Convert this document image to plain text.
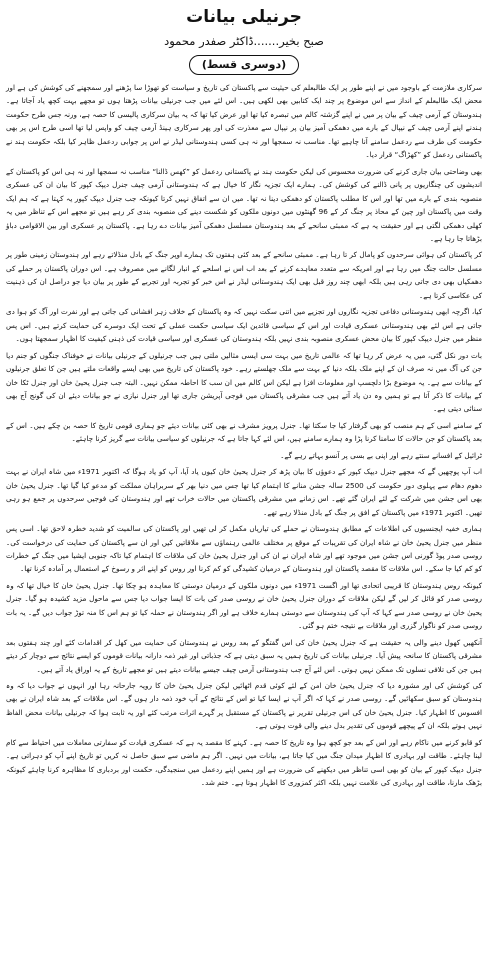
جرنیلی بیانات
صبح بخیر.......ڈاکٹر صفدر محمود
(دوسری قسط)

سرکاری ملازمت کے باوجود میں نے اپنے طور پر ایک طالبعلم کی حیثیت سے پاکستان کی تاریخ و سیاست کو تھوڑا سا پڑھنے اور سمجھنے کی کوشش کی ہے اور محض ایک طالبعلم کے انداز سے اس موضوع پر چند ایک کتابیں بھی لکھی ہیں۔ اس لئے میں جب جرنیلی بیانات پڑھتا ہوں تو مجھے بہت کچھ یاد آجاتا ہے۔ ہندوستان کے آرمی چیف کے بیان پر میں نے اپنے گزشتہ کالم میں تبصرہ کیا تھا اور عرض کیا تھا کہ یہ بیان سرکاری پالیسی کا حصہ ہے، ورنہ جس طرح حکومت ہندنے اپنے آرمی چیف کے نیپال کے بارے میں دھمکی آمیز بیان پر نیپال سے معذرت کی اور پھر سرکاری ہینڈ آرمی چیف کو واپس لیا تھا اسی طرح اس پر بھی حکومت کی طرف سے ردعمل سامنے آنا چاہیے تھا۔ مناسب نہ سمجھا اور نہ ہی کسی ہندوستانی لیڈر نے اس پر جوابی ردعمل ظاہر کیا بلکہ حکومت ہند نے پاکستانی ردعمل کو ”کھڑاگ“ قرار دیا۔

بھی وضاحتی بیان جاری کرنے کی ضرورت محسوس کی لیکن حکومت ہند نے پاکستانی ردعمل کو ”کھس ڈالنا“ مناسب نہ سمجھا اور نہ ہی اس کو پاکستان کے اندیشوں کی چنگاریوں پر پانی ڈالنے کی کوشش کی۔ ہمارے ایک تجزیہ نگار کا خیال ہے کہ ہندوستانی آرمی چیف جنرل دیپک کپور کا بیان ان کی عسکری منصوبہ بندی کے بارے میں تھا اور اس کا مطلب پاکستان کو دھمکی دینا نہ تھا۔ میں ان سے اتفاق نہیں کرتا کیونکہ جب جنرل دیپک کپور یہ کہتا ہے کہ ہم ایک وقت میں پاکستان اور چین کے محاذ پر جنگ کر کے 96 گھنٹوں میں دونوں ملکوں کو شکست دینے کی منصوبہ بندی کر رہے ہیں تو مجھے اس کے تناظر میں یہ کھلی دھمکی لگتی ہے اور حقیقت یہ ہے کہ ممبئی سانحے کے بعد ہندوستان مسلسل دھمکی آمیز بیانات دے رہا ہے۔ پاکستان پر عسکری اور بین الاقوامی دباؤ بڑھاتا جا رہا ہے۔

کر پاکستان کی ہوائی سرحدوں کو پامال کر تا رہا ہے۔ ممبئی سانحے کے بعد کئی ہفتوں تک ہمارے اوپر جنگ کے بادل منڈلاتے رہے اور ہندوستان زمینی طور پر مسلسل حالت جنگ میں رہا ہے اور امریکہ سے متعدد معاہدے کرنے کے بعد اب اس نے اسلحے کے انبار لگانے میں مصروف ہے۔ اس دوران پاکستان پر حملے کی دھمکیاں بھی دی جاتی رہی ہیں بلکہ ابھی چند روز قبل بھی ایک ہندوستانی لیڈر نے اس خبر کو تجربہ اور تجربے کے طور پر بیان دیا جو دراصل ان کی ذہنیت کی عکاسی کرتا ہے۔

کیا، اگرچہ ابھی ہندوستانی دفاعی تجزیہ نگاروں اور تجزیے میں اتنی سکت نہیں کہ وہ پاکستان کے خلاف زہر افشانی کی جاتی ہے اور نفرت اور آگ کو ہوا دی جاتی ہے اس لئے بھی ہندوستانی عسکری قیادت اور اس کے سیاسی قائدین ایک سیاسی حکمت عملی کے تحت ایک دوسرے کی حمایت کرتے ہیں۔ اس پس منظر میں جنرل دیپک کپور کا بیان محض عسکری منصوبہ بندی نہیں بلکہ ہندوستان کی عسکری اور سیاسی قیادت کی ذہنی کیفیت کا اظہار سمجھتا ہوں۔

بات دور نکل گئی، میں یہ عرض کر رہا تھا کہ عالمی تاریخ میں بہت سی ایسی مثالیں ملتی ہیں جب جرنیلوں کے جرنیلی بیانات نے خوفناک جنگوں کو جنم دیا جن کی آگ میں نہ صرف ان کے اپنے ملک بلکہ دنیا کے بہت سے ملک جھلستے رہے۔ خود پاکستان کی تاریخ میں بھی ایسے واقعات ملتے ہیں جن کا تعلق جرنیلوں کے بیانات سے ہے۔ یہ موضوع بڑا دلچسپ اور معلومات افزا ہے لیکن اس کالم میں ان سب کا احاطہ ممکن نہیں۔ البتہ جب جنرل یحییٰ خان اور جنرل ٹکا خان کے بیانات کا ذکر آتا ہے تو ہمیں وہ دن یاد آتے ہیں جب مشرقی پاکستان میں فوجی آپریشن جاری تھا اور جنرل نیازی نے جو بیانات دیئے ان کی گونج آج بھی سنائی دیتی ہے۔

کے سامنے اسی کے ہم منصب کو بھی گرفتار کیا جا سکتا تھا۔ جنرل پرویز مشرف نے بھی کئی بیانات دیئے جو ہماری قومی تاریخ کا حصہ بن چکے ہیں۔ اس کے بعد پاکستان کو جن حالات کا سامنا کرنا پڑا وہ ہمارے سامنے ہیں، اس لئے کہا جاتا ہے کہ جرنیلوں کو سیاسی بیانات سے گریز کرنا چاہئے۔

ٹرائیل کے افسانے سنتے رہے اور اپنی بے بسی پر آنسو بہاتے رہے گے۔

اب آپ پوچھیں گے کہ مجھے جنرل دیپک کپور کے دعوؤں کا بیان پڑھ کر جنرل یحییٰ خان کیوں یاد آیا، آپ کو یاد ہوگا کہ اکتوبر 1971ء میں شاہ ایران نے بہت دھوم دھام سے پہلوی دور حکومت کی 2500 سالہ جشن منانے کا اہتمام کیا تھا جس میں دنیا بھر کے سربراہان مملکت کو مدعو کیا گیا تھا۔ جنرل یحییٰ خان بھی اس جشن میں شرکت کے لئے ایران گئے تھے۔ اس زمانے میں مشرقی پاکستان میں حالات خراب تھے اور ہندوستان کی فوجیں سرحدوں پر جمع ہو رہی تھیں۔ اکتوبر 1971ء میں پاکستان کے افق پر جنگ کے بادل منڈلا رہے تھے۔

ہماری خفیہ ایجنسیوں کی اطلاعات کے مطابق ہندوستان نے حملے کی تیاریاں مکمل کر لی تھیں اور پاکستان کی سالمیت کو شدید خطرہ لاحق تھا۔ اسی پس منظر میں جنرل یحییٰ خان نے شاہ ایران کی تقریبات کے موقع پر مختلف عالمی رہنماؤں سے ملاقاتیں کیں اور ان سے پاکستان کی حمایت کی درخواست کی۔ روسی صدر پوڈ گورنی اس جشن میں موجود تھے اور شاہ ایران نے ان کی اور جنرل یحییٰ خان کی ملاقات کا اہتمام کیا تاکہ جنوبی ایشیا میں جنگ کے خطرات کو کم کیا جا سکے۔ اس ملاقات کا مقصد پاکستان اور ہندوستان کے درمیان کشیدگی کو کم کرنا اور روس کو اپنے اثر و رسوخ کے استعمال پر آمادہ کرنا تھا۔

کیونکہ روس ہندوستان کا قریبی اتحادی تھا اور اگست 1971ء میں دونوں ملکوں کے درمیان دوستی کا معاہدہ ہو چکا تھا۔ جنرل یحییٰ خان کا خیال تھا کہ وہ روسی صدر کو قائل کر لیں گے لیکن ملاقات کے دوران جنرل یحییٰ خان نے روسی صدر کی بات کا ایسا جواب دیا جس سے ماحول مزید کشیدہ ہو گیا۔ جنرل یحییٰ خان نے روسی صدر سے کہا کہ آپ کی ہندوستان سے دوستی ہمارے خلاف ہے اور اگر ہندوستان نے حملہ کیا تو ہم اس کا منہ توڑ جواب دیں گے۔ یہ بات روسی صدر کو ناگوار گزری اور ملاقات بے نتیجہ ختم ہو گئی۔

آنکھیں کھول دینے والی یہ حقیقت ہے کہ جنرل یحییٰ خان کی اس گفتگو کے بعد روس نے ہندوستان کی حمایت میں کھل کر اقدامات کئے اور چند ہفتوں بعد مشرقی پاکستان کا سانحہ پیش آیا۔ جرنیلی بیانات کی تاریخ ہمیں یہ سبق دیتی ہے کہ جذباتی اور غیر ذمہ دارانہ بیانات قوموں کو ایسے نتائج سے دوچار کر دیتے ہیں جن کی تلافی نسلوں تک ممکن نہیں ہوتی۔ اس لئے آج جب ہندوستانی آرمی چیف جیسے بیانات دیتے ہیں تو مجھے تاریخ کے یہ اوراق یاد آتے ہیں۔

کی کوشش کی اور مشورہ دیا کہ جنرل یحییٰ خان امن کے لئے کوئی قدم اٹھائیں لیکن جنرل یحییٰ خان کا رویہ جارحانہ رہا اور انہوں نے جواب دیا کہ وہ ہندوستان کو سبق سکھائیں گے۔ روسی صدر نے کہا کہ اگر آپ نے ایسا کیا تو اس کے نتائج کے آپ خود ذمہ دار ہوں گے۔ اس ملاقات کے بعد شاہ ایران نے بھی افسوس کا اظہار کیا۔ جنرل یحییٰ خان کی اس جرنیلی تقریر نے پاکستان کے مستقبل پر گہرے اثرات مرتب کئے اور یہ ثابت ہوا کہ جرنیلی بیانات محض الفاظ نہیں ہوتے بلکہ ان کے پیچھے قوموں کی تقدیر بدل دینے والی قوت ہوتی ہے۔

کو قابو کرنے میں ناکام رہے اور اس کے بعد جو کچھ ہوا وہ تاریخ کا حصہ ہے۔ کہنے کا مقصد یہ ہے کہ عسکری قیادت کو سفارتی معاملات میں احتیاط سے کام لینا چاہئے۔ طاقت اور بہادری کا اظہار میدان جنگ میں کیا جاتا ہے، بیانات میں نہیں۔ اگر ہم ماضی سے سبق حاصل نہ کریں تو تاریخ اپنے آپ کو دہراتی ہے۔ جنرل دیپک کپور کے بیان کو بھی اسی تناظر میں دیکھنے کی ضرورت ہے اور ہمیں اپنے ردعمل میں سنجیدگی، حکمت اور بردباری کا مظاہرہ کرنا چاہئے کیونکہ بڑھک مارنا، طاقت اور بہادری کی علامت نہیں بلکہ اکثر کمزوری کا اظہار ہوتا ہے۔ ختم شد۔
